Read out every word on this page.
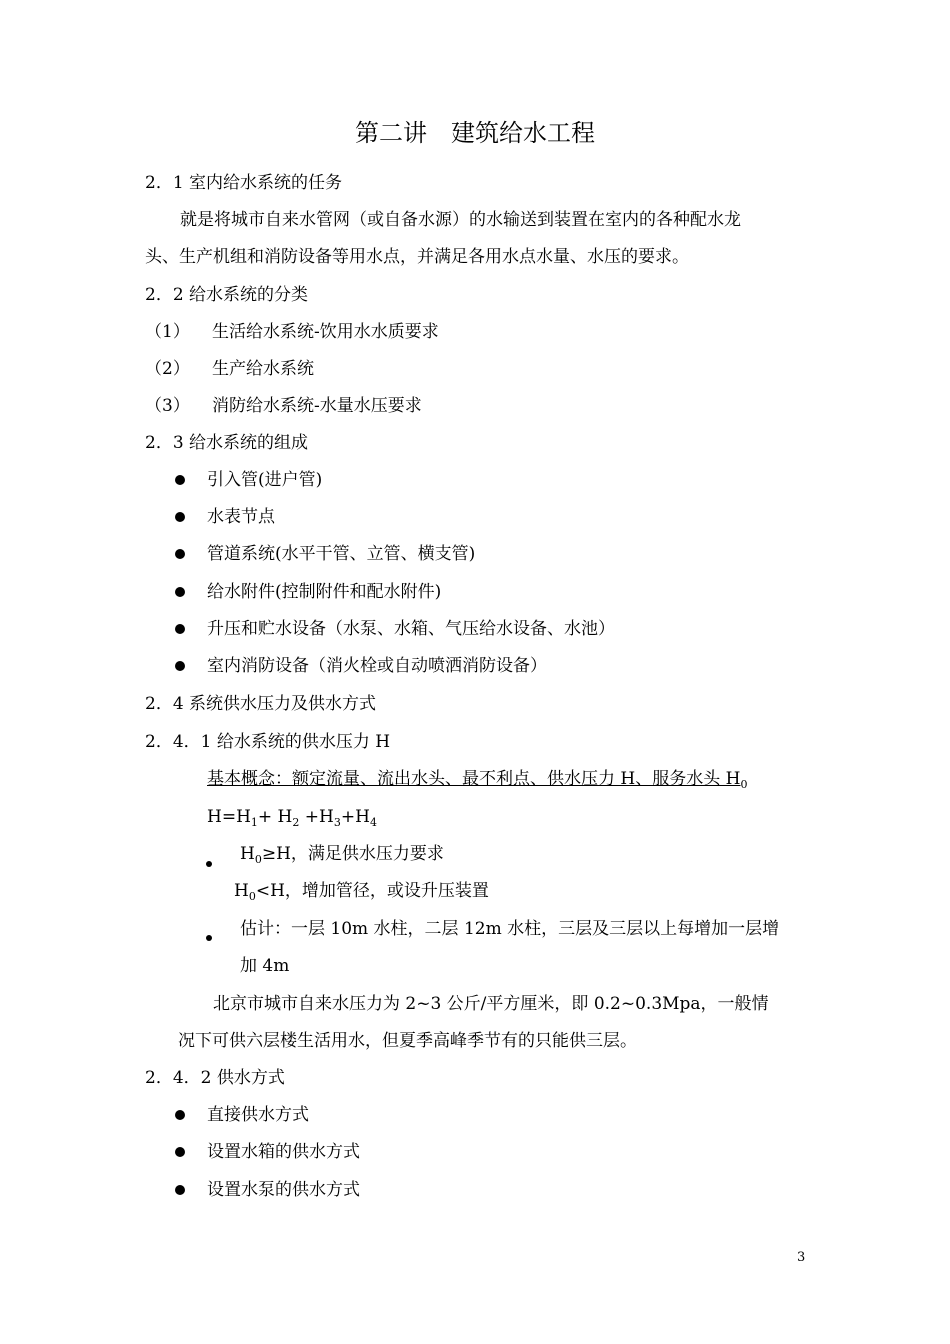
第二讲　建筑给水工程
2．1 室内给水系统的任务
就是将城市自来水管网（或自备水源）的水输送到装置在室内的各种配水龙
头、生产机组和消防设备等用水点，并满足各用水点水量、水压的要求。
2．2 给水系统的分类
（1） 生活给水系统-饮用水水质要求
（2） 生产给水系统
（3） 消防给水系统-水量水压要求
2．3 给水系统的组成
引入管(进户管)
水表节点
管道系统(水平干管、立管、横支管)
给水附件(控制附件和配水附件)
升压和贮水设备（水泵、水箱、气压给水设备、水池）
室内消防设备（消火栓或自动喷洒消防设备）
2．4 系统供水压力及供水方式
2．4．1 给水系统的供水压力 H
基本概念：额定流量、流出水头、最不利点、供水压力 H、服务水头 $H_0$
$H=H_1+ H_2 +H_3+H_4$
$H_0\ge H$，满足供水压力要求
$H_0<H$，增加管径，或设升压装置
估计：一层 10m 水柱，二层 12m 水柱，三层及三层以上每增加一层增
加 4m
北京市城市自来水压力为 2~3 公斤/平方厘米，即 0.2~0.3Mpa，一般情
况下可供六层楼生活用水，但夏季高峰季节有的只能供三层。
2．4．2 供水方式
直接供水方式
设置水箱的供水方式
设置水泵的供水方式
3
